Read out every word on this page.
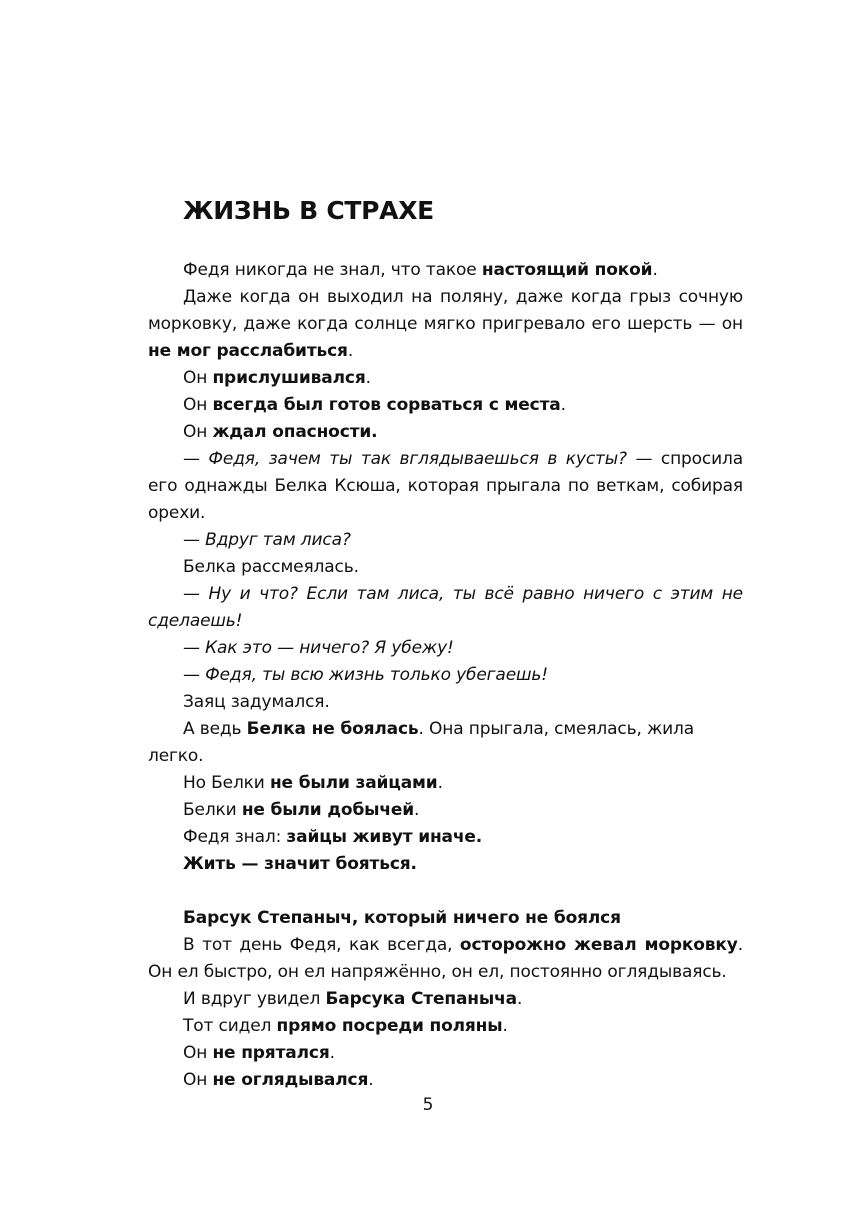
ЖИЗНЬ В СТРАХЕ

Федя никогда не знал, что такое настоящий покой.

Даже когда он выходил на поляну, даже когда грыз сочную морковку, даже когда солнце мягко пригревало его шерсть — он не мог расслабиться.

Он прислушивался.

Он всегда был готов сорваться с места.

Он ждал опасности.

— Федя, зачем ты так вглядываешься в кусты? — спросила его однажды Белка Ксюша, которая прыгала по веткам, собирая орехи.

— Вдруг там лиса?

Белка рассмеялась.

— Ну и что? Если там лиса, ты всё равно ничего с этим не сделаешь!

— Как это — ничего? Я убежу!

— Федя, ты всю жизнь только убегаешь!

Заяц задумался.

А ведь Белка не боялась. Она прыгала, смеялась, жила легко.

Но Белки не были зайцами.

Белки не были добычей.

Федя знал: зайцы живут иначе.

Жить — значит бояться.

Барсук Степаныч, который ничего не боялся

В тот день Федя, как всегда, осторожно жевал морковку. Он ел быстро, он ел напряжённо, он ел, постоянно оглядываясь.

И вдруг увидел Барсука Степаныча.

Тот сидел прямо посреди поляны.

Он не прятался.

Он не оглядывался.

5
